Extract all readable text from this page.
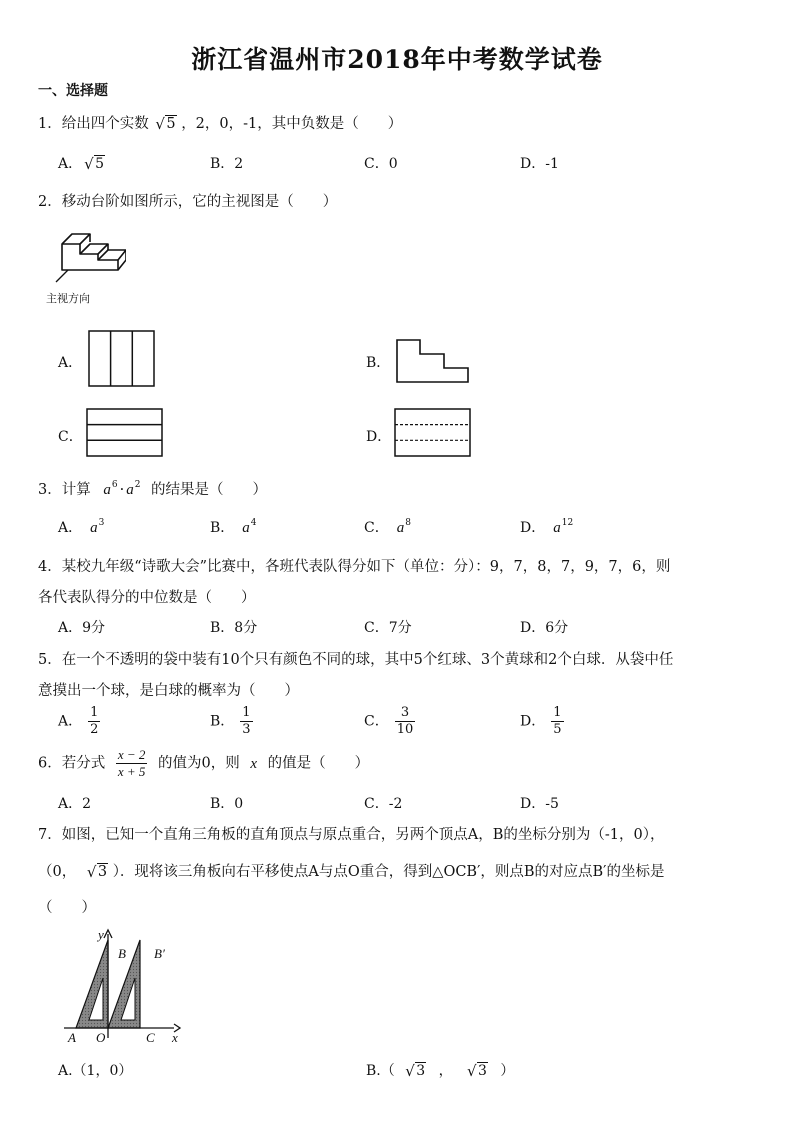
浙江省温州市2018年中考数学试卷
一、选择题
1．给出四个实数 √ 5 ，2，0，-1，其中负数是（　　）
A． √ 5	B．2	C．0	D．-1
2．移动台阶如图所示，它的主视图是（　　）
主视方向
A．	B．
C．	D．
3．计算 $a^6 \cdot a^2$ 的结果是（　　）
A． $a^3$	B． $a^4$	C． $a^8$	D． $a^{12}$
4．某校九年级“诗歌大会”比赛中，各班代表队得分如下（单位：分）：9，7，8，7，9，7，6，则
各代表队得分的中位数是（　　）
A．9分	B．8分	C．7分	D．6分
5．在一个不透明的袋中装有10个只有颜色不同的球，其中5个红球、3个黄球和2个白球．从袋中任
意摸出一个球，是白球的概率为（　　）
A． $\frac{1}{2}$	B． $\frac{1}{3}$	C． $\frac{3}{10}$	D． $\frac{1}{5}$
6．若分式 $\frac{x - 2}{x + 5}$ 的值为0，则 x 的值是（　　）
A．2	B．0	C．-2	D．-5
7．如图，已知一个直角三角板的直角顶点与原点重合，另两个顶点A，B的坐标分别为（-1，0），
（0， √ 3 ）．现将该三角板向右平移使点A与点O重合，得到△OCB′，则点B的对应点B′的坐标是
（　　）
y
B B′
A O	C x
A.（1，0）	B.（ √ 3 ， √ 3 ）
